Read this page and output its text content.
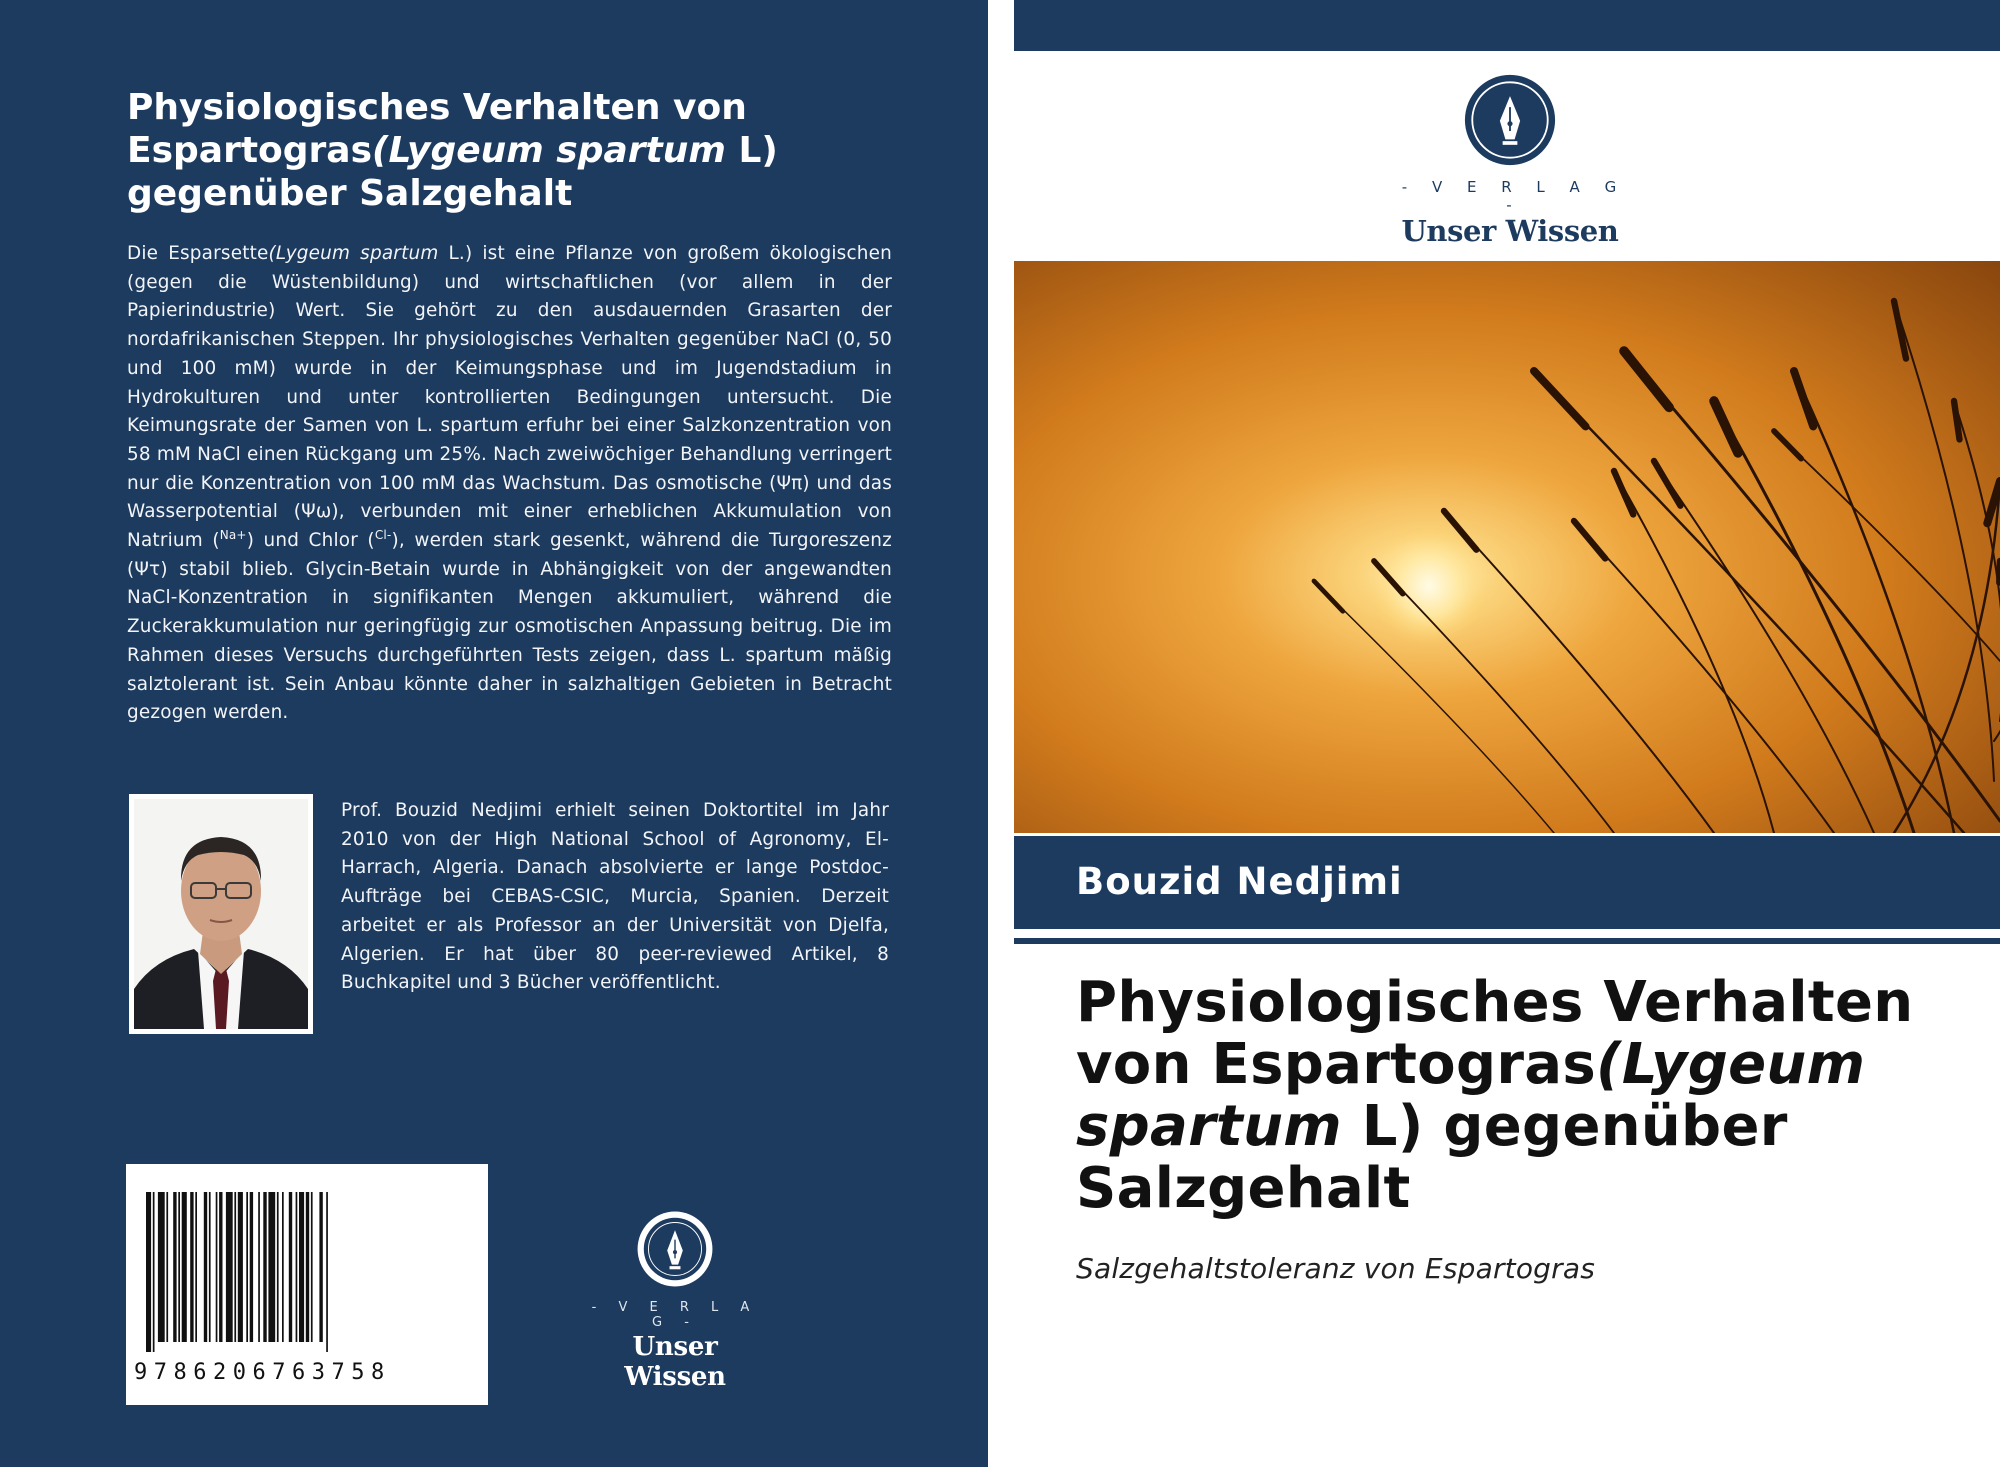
Physiologisches Verhalten von Espartogras(Lygeum spartum L) gegenüber Salzgehalt

Die Esparsette(Lygeum spartum L.) ist eine Pflanze von großem ökologischen (gegen die Wüstenbildung) und wirtschaftlichen (vor allem in der Papierindustrie) Wert. Sie gehört zu den ausdauernden Grasarten der nordafrikanischen Steppen. Ihr physiologisches Verhalten gegenüber NaCl (0, 50 und 100 mM) wurde in der Keimungsphase und im Jugendstadium in Hydrokulturen und unter kontrollierten Bedingungen untersucht. Die Keimungsrate der Samen von L. spartum erfuhr bei einer Salzkonzentration von 58 mM NaCl einen Rückgang um 25%. Nach zweiwöchiger Behandlung verringert nur die Konzentration von 100 mM das Wachstum. Das osmotische (Ψπ) und das Wasserpotential (Ψω), verbunden mit einer erheblichen Akkumulation von Natrium ($^{Na+}$) und Chlor ($^{Cl-}$), werden stark gesenkt, während die Turgoreszenz (Ψτ) stabil blieb. Glycin-Betain wurde in Abhängigkeit von der angewandten NaCl-Konzentration in signifikanten Mengen akkumuliert, während die Zuckerakkumulation nur geringfügig zur osmotischen Anpassung beitrug. Die im Rahmen dieses Versuchs durchgeführten Tests zeigen, dass L. spartum mäßig salztolerant ist. Sein Anbau könnte daher in salzhaltigen Gebieten in Betracht gezogen werden.

Prof. Bouzid Nedjimi erhielt seinen Doktortitel im Jahr 2010 von der High National School of Agronomy, El-Harrach, Algeria. Danach absolvierte er lange Postdoc-Aufträge bei CEBAS-CSIC, Murcia, Spanien. Derzeit arbeitet er als Professor an der Universität von Djelfa, Algerien. Er hat über 80 peer-reviewed Artikel, 8 Buchkapitel und 3 Bücher veröffentlicht.

9786206763758
- V E R L A G -
Unser Wissen
- V E R L A G -
Unser Wissen
Bouzid Nedjimi
Physiologisches Verhalten von Espartogras(Lygeum spartum L) gegenüber Salzgehalt
Salzgehaltstoleranz von Espartogras
